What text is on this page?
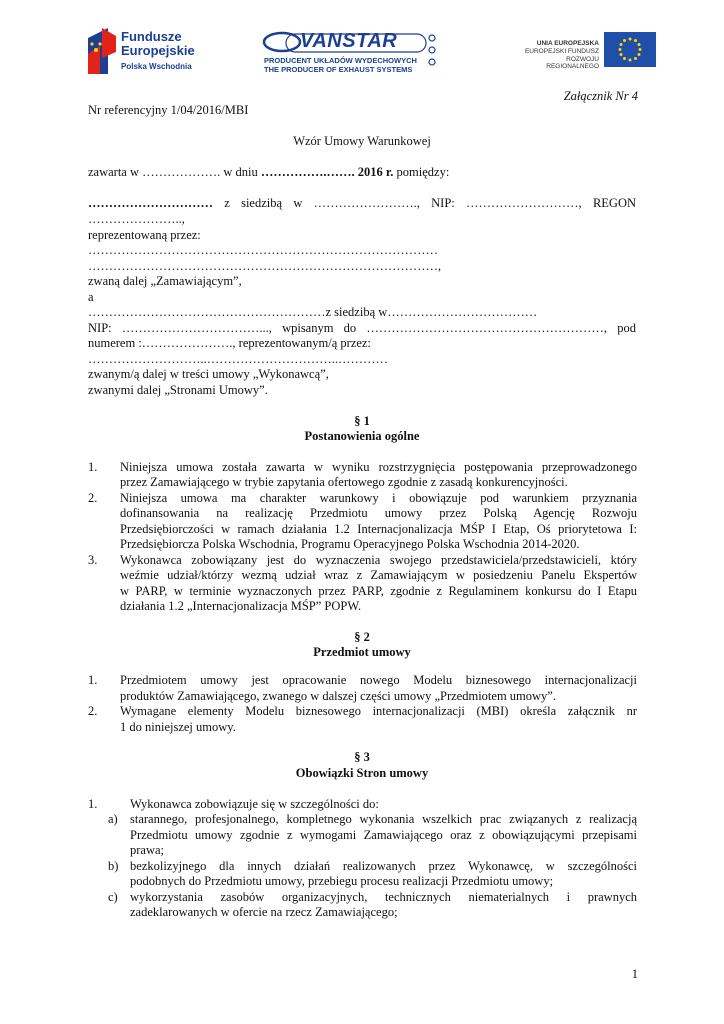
Fundusze
Europejskie
Polska Wschodnia
VANSTAR
PRODUCENT UKŁADÓW WYDECHOWYCH
THE PRODUCER OF EXHAUST SYSTEMS
UNIA EUROPEJSKA
EUROPEJSKI FUNDUSZ
ROZWOJU REGIONALNEGO
Załącznik Nr 4
Nr referencyjny 1/04/2016/MBI
Wzór Umowy Warunkowej
zawarta w ………………. w dniu …………….……. 2016 r. pomiędzy:
………………………… z siedzibą w ……………………., NIP: ………………………, REGON
…………………..,
reprezentowaną przez:
…………………………………………………………………………
…………………………………………………………………………,
zwaną dalej „Zamawiającym”,
a
…………………………………………………z siedzibą w………………………………
NIP: ……………………………..., wpisanym do …………………………………………………, pod
numerem :…………………., reprezentowanym/ą przez:
………………………..…………………………..…………
zwanym/ą dalej w treści umowy „Wykonawcą”,
zwanymi dalej „Stronami Umowy”.
§ 1
Postanowienia ogólne
1. Niniejsza umowa została zawarta w wyniku rozstrzygnięcia postępowania przeprowadzonego
przez Zamawiającego w trybie zapytania ofertowego zgodnie z zasadą konkurencyjności.
2. Niniejsza umowa ma charakter warunkowy i obowiązuje pod warunkiem przyznania
dofinansowania na realizację Przedmiotu umowy przez Polską Agencję Rozwoju
Przedsiębiorczości w ramach działania 1.2 Internacjonalizacja MŚP I Etap, Oś priorytetowa I:
Przedsiębiorcza Polska Wschodnia, Programu Operacyjnego Polska Wschodnia 2014-2020.
3. Wykonawca zobowiązany jest do wyznaczenia swojego przedstawiciela/przedstawicieli, który
weźmie udział/którzy wezmą udział wraz z Zamawiającym w posiedzeniu Panelu Ekspertów
w PARP, w terminie wyznaczonych przez PARP, zgodnie z Regulaminem konkursu do I Etapu
działania 1.2 „Internacjonalizacja MŚP” POPW.
§ 2
Przedmiot umowy
1. Przedmiotem umowy jest opracowanie nowego Modelu biznesowego internacjonalizacji
produktów Zamawiającego, zwanego w dalszej części umowy „Przedmiotem umowy”.
2. Wymagane elementy Modelu biznesowego internacjonalizacji (MBI) określa załącznik nr
1 do niniejszej umowy.
§ 3
Obowiązki Stron umowy
1.	Wykonawca zobowiązuje się w szczególności do:
a) starannego, profesjonalnego, kompletnego wykonania wszelkich prac związanych z realizacją
Przedmiotu umowy zgodnie z wymogami Zamawiającego oraz z obowiązującymi przepisami
prawa;
b) bezkolizyjnego dla innych działań realizowanych przez Wykonawcę, w szczególności
podobnych do Przedmiotu umowy, przebiegu procesu realizacji Przedmiotu umowy;
c) wykorzystania zasobów organizacyjnych, technicznych niematerialnych i prawnych
zadeklarowanych w ofercie na rzecz Zamawiającego;
1
